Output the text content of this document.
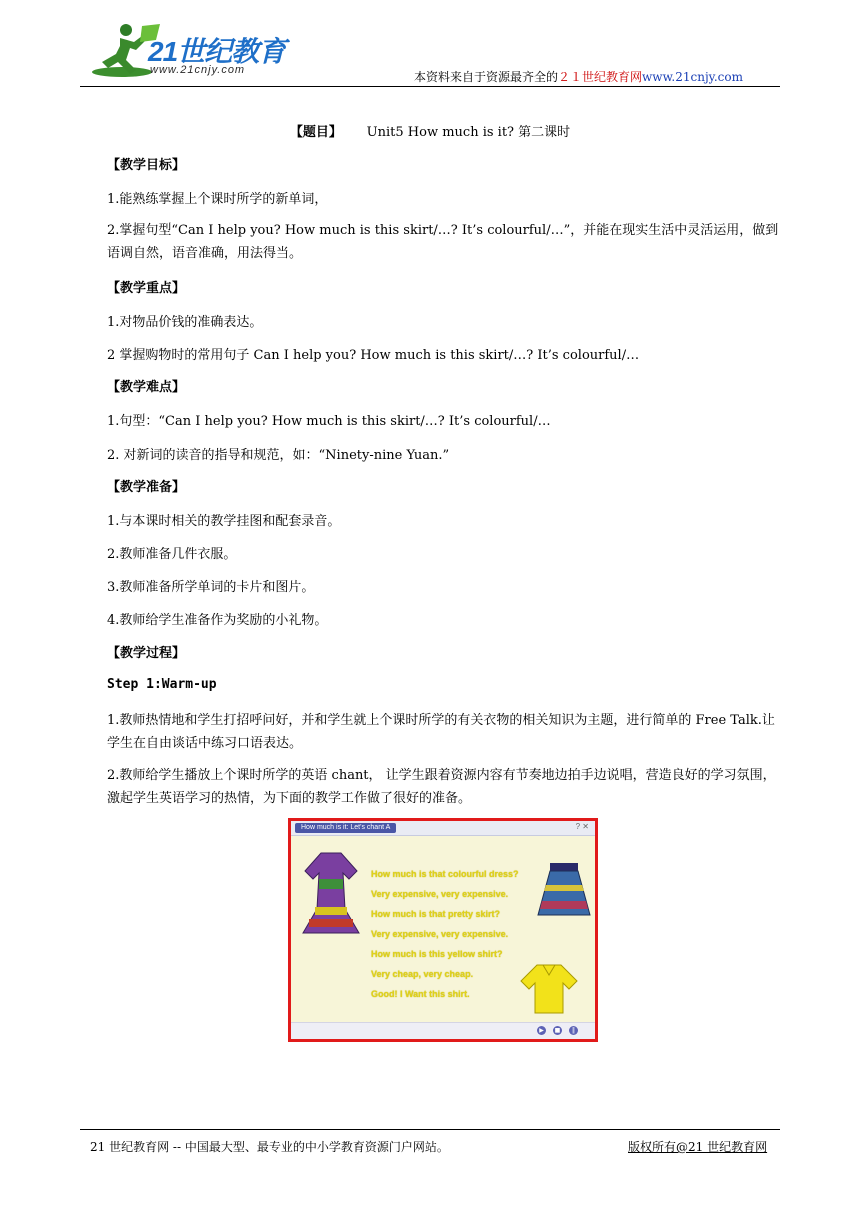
21世纪教育
www.21cnjy.com	本资料来自于资源最齐全的２１世纪教育网www.21cnjy.com
【题目】 Unit5 How much is it? 第二课时
【教学目标】
1.能熟练掌握上个课时所学的新单词，
2.掌握句型“Can I help you? How much is this skirt/…? It’s colourful/…”，并能在现实生活中灵活运用，做到语调自然，语音准确，用法得当。
【教学重点】
1.对物品价钱的准确表达。
2 掌握购物时的常用句子 Can I help you? How much is this skirt/…? It’s colourful/…
【教学难点】
1.句型：“Can I help you? How much is this skirt/…? It’s colourful/…
2. 对新词的读音的指导和规范，如：“Ninety-nine Yuan.”
【教学准备】
1.与本课时相关的教学挂图和配套录音。
2.教师准备几件衣服。
3.教师准备所学单词的卡片和图片。
4.教师给学生准备作为奖励的小礼物。
【教学过程】
Step 1:Warm-up
1.教师热情地和学生打招呼问好，并和学生就上个课时所学的有关衣物的相关知识为主题，进行简单的 Free Talk.让学生在自由谈话中练习口语表达。
2.教师给学生播放上个课时所学的英语 chant， 让学生跟着资源内容有节奏地边拍手边说唱，营造良好的学习氛围，激起学生英语学习的热情，为下面的教学工作做了很好的准备。
How much is it: Let's chant A	? ✕
How much is that colourful dress?
Very expensive, very expensive.
How much is that pretty skirt?
Very expensive, very expensive.
How much is this yellow shirt?
Very cheap, very cheap.
Good! I Want this shirt.
▶	■	‖
21 世纪教育网 -- 中国最大型、最专业的中小学教育资源门户网站。	版权所有@21 世纪教育网
